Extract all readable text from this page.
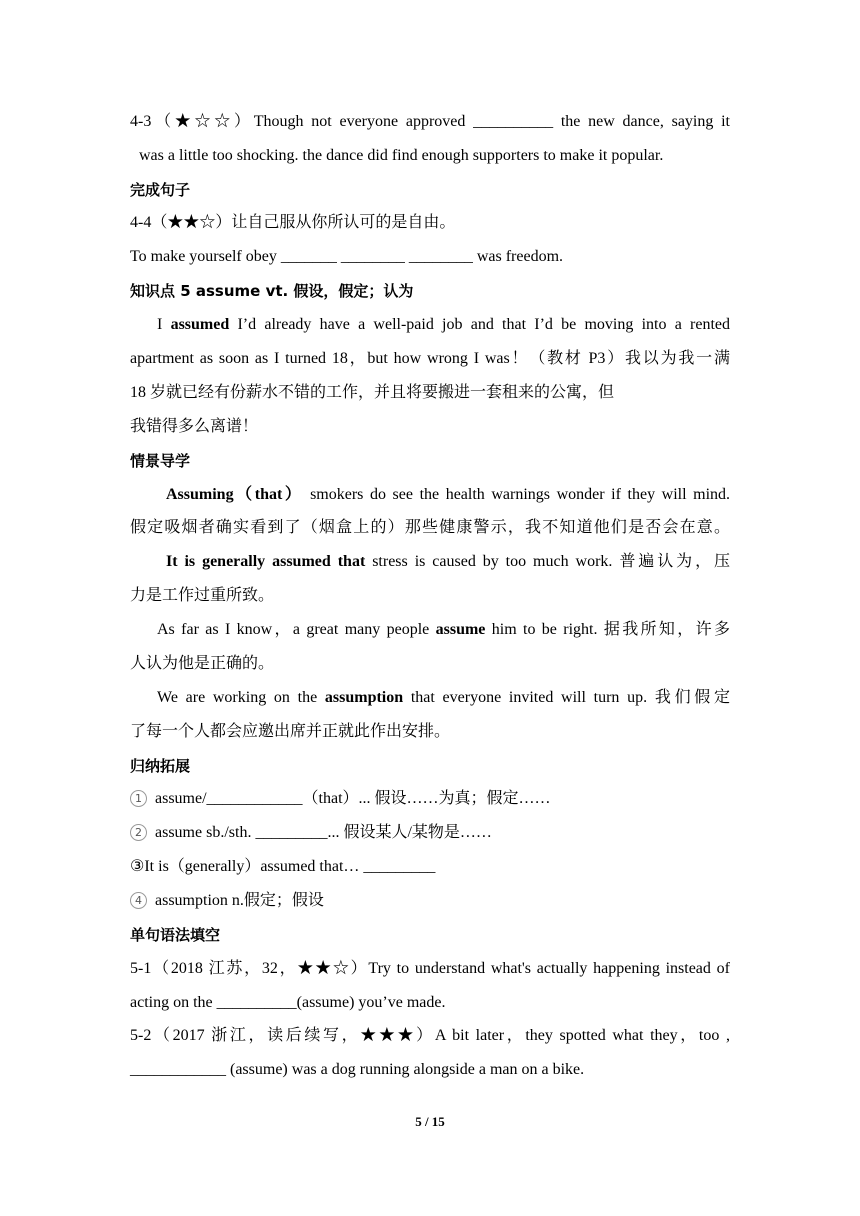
4-3（★☆☆）Though not everyone approved __________ the new dance, saying it
was a little too shocking. the dance did find enough supporters to make it popular.
完成句子
4-4（★★☆）让自己服从你所认可的是自由。
To make yourself obey _______ ________ ________ was freedom.
知识点 5 assume vt. 假设，假定；认为
I assumed I’d already have a well-paid job and that I’d be moving into a rented
apartment as soon as I turned 18，but how wrong I was！（教材 P3）我以为我一满
18 岁就已经有份薪水不错的工作，并且将要搬进一套租来的公寓，但
我错得多么离谱！
情景导学
Assuming（that） smokers do see the health warnings wonder if they will mind.
假定吸烟者确实看到了（烟盒上的）那些健康警示，我不知道他们是否会在意。
It is generally assumed that stress is caused by too much work. 普遍认为，压
力是工作过重所致。
As far as I know，a great many people assume him to be right. 据我所知，许多
人认为他是正确的。
We are working on the assumption that everyone invited will turn up. 我们假定
了每一个人都会应邀出席并正就此作出安排。
归纳拓展
1 assume/____________（that）... 假设……为真；假定……
2 assume sb./sth. _________... 假设某人/某物是……
③It is（generally）assumed that… _________
4 assumption n.假定；假设
单句语法填空
5-1（2018 江苏，32，★★☆）Try to understand what's actually happening instead of
acting on the __________(assume) you’ve made.
5-2（2017 浙江，读后续写，★★★）A bit later，they spotted what they，too ,
____________ (assume) was a dog running alongside a man on a bike.
5 / 15
